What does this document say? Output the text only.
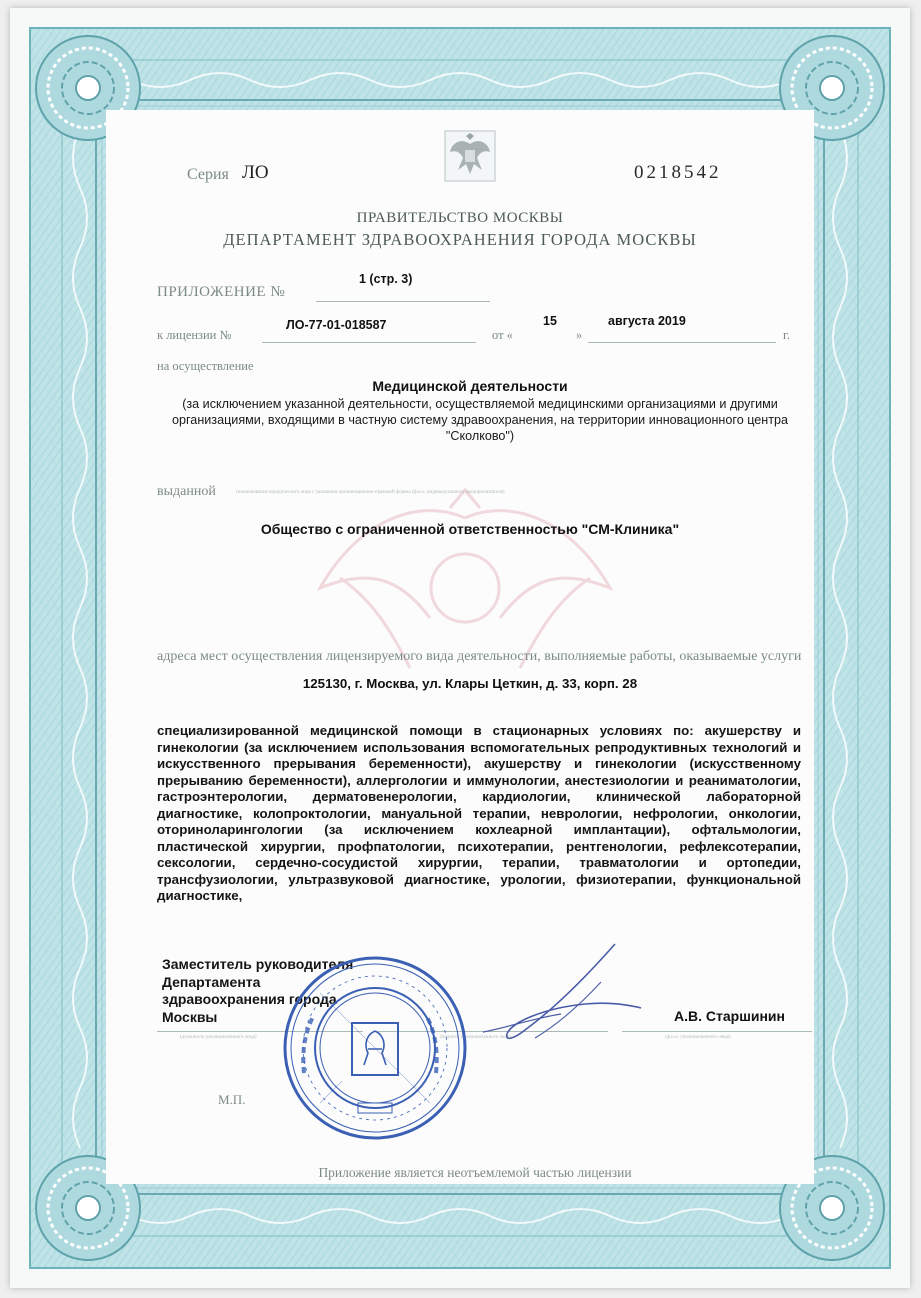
Серия ЛО	0218542
ПРАВИТЕЛЬСТВО МОСКВЫ
ДЕПАРТАМЕНТ ЗДРАВООХРАНЕНИЯ ГОРОДА МОСКВЫ
ПРИЛОЖЕНИЕ №
1 (стр. 3)
к лицензии №
ЛО-77-01-018587
от «
15
»
августа 2019
г.
на осуществление
Медицинской деятельности
(за исключением указанной деятельности, осуществляемой медицинскими организациями и другими организациями, входящими в частную систему здравоохранения, на территории инновационного центра "Сколково")
выданной	(наименование юридического лица с указанием организационно-правовой формы (ф.и.о. индивидуального предпринимателя)
Общество с ограниченной ответственностью "СМ-Клиника"
адреса мест осуществления лицензируемого вида деятельности, выполняемые работы, оказываемые услуги
125130, г. Москва, ул. Клары Цеткин, д. 33, корп. 28
специализированной медицинской помощи в стационарных условиях по: акушерству и гинекологии (за исключением использования вспомогательных репродуктивных технологий и искусственного прерывания беременности), акушерству и гинекологии (искусственному прерыванию беременности), аллергологии и иммунологии, анестезиологии и реаниматологии, гастроэнтерологии, дерматовенерологии, кардиологии, клинической лабораторной диагностике, колопроктологии, мануальной терапии, неврологии, нефрологии, онкологии, оториноларингологии (за исключением кохлеарной имплантации), офтальмологии, пластической хирургии, профпатологии, психотерапии, рентгенологии, рефлексотерапии, сексологии, сердечно-сосудистой хирургии, терапии, травматологии и ортопедии, трансфузиологии, ультразвуковой диагностике, урологии, физиотерапии, функциональной диагностике,
Заместитель руководителя
Департамента
здравоохранения города
Москвы	А.В. Старшинин
(должность уполномоченного лица)	(подпись уполномоченного лица)	(ф.и.о. уполномоченного лица)
М.П.
Приложение является неотъемлемой частью лицензии
